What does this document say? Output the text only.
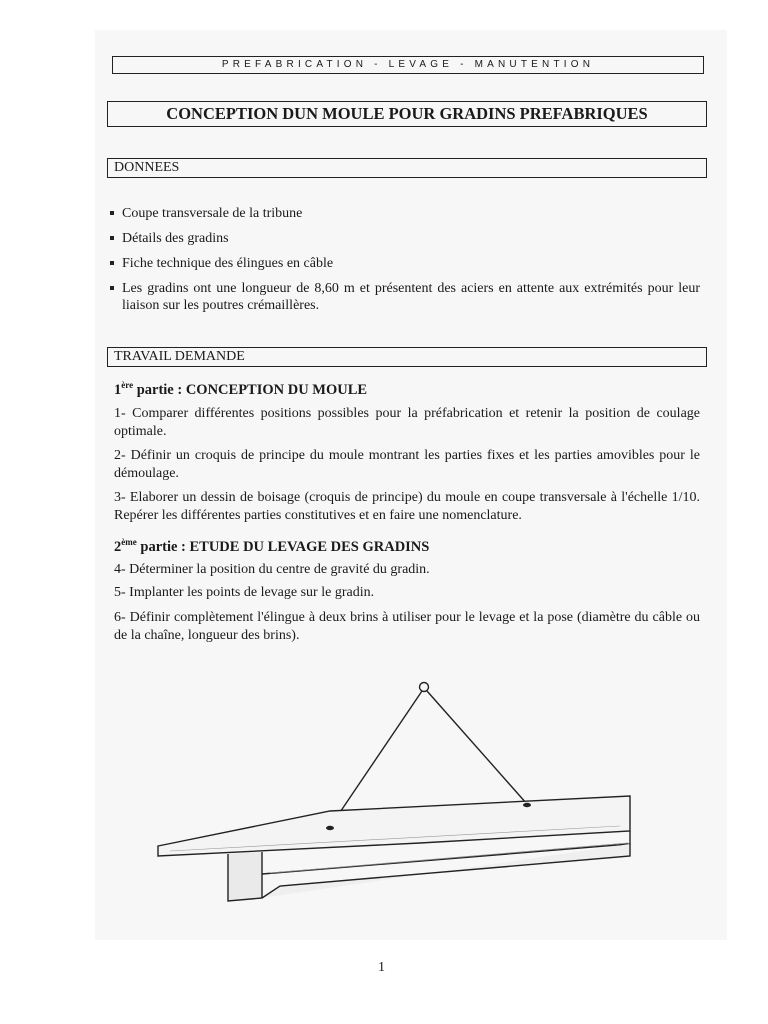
PREFABRICATION - LEVAGE - MANUTENTION
CONCEPTION DUN MOULE POUR GRADINS PREFABRIQUES
DONNEES
Coupe transversale de la tribune
Détails des gradins
Fiche technique des élingues en câble
Les gradins ont une longueur de 8,60 m et présentent des aciers en attente aux extrémités pour leur liaison sur les poutres crémaillères.
TRAVAIL DEMANDE
1ère partie : CONCEPTION DU MOULE
1- Comparer différentes positions possibles pour la préfabrication et retenir la position de coulage optimale.
2- Définir un croquis de principe du moule montrant les parties fixes et les parties amovibles pour le démoulage.
3- Elaborer un dessin de boisage (croquis de principe) du moule en coupe transversale à l'échelle 1/10. Repérer les différentes parties constitutives et en faire une nomenclature.
2ème partie : ETUDE DU LEVAGE DES GRADINS
4- Déterminer la position du centre de gravité du gradin.
5- Implanter les points de levage sur le gradin.
6- Définir complètement l'élingue à deux brins à utiliser pour le levage et la pose (diamètre du câble ou de la chaîne, longueur des brins).
1
